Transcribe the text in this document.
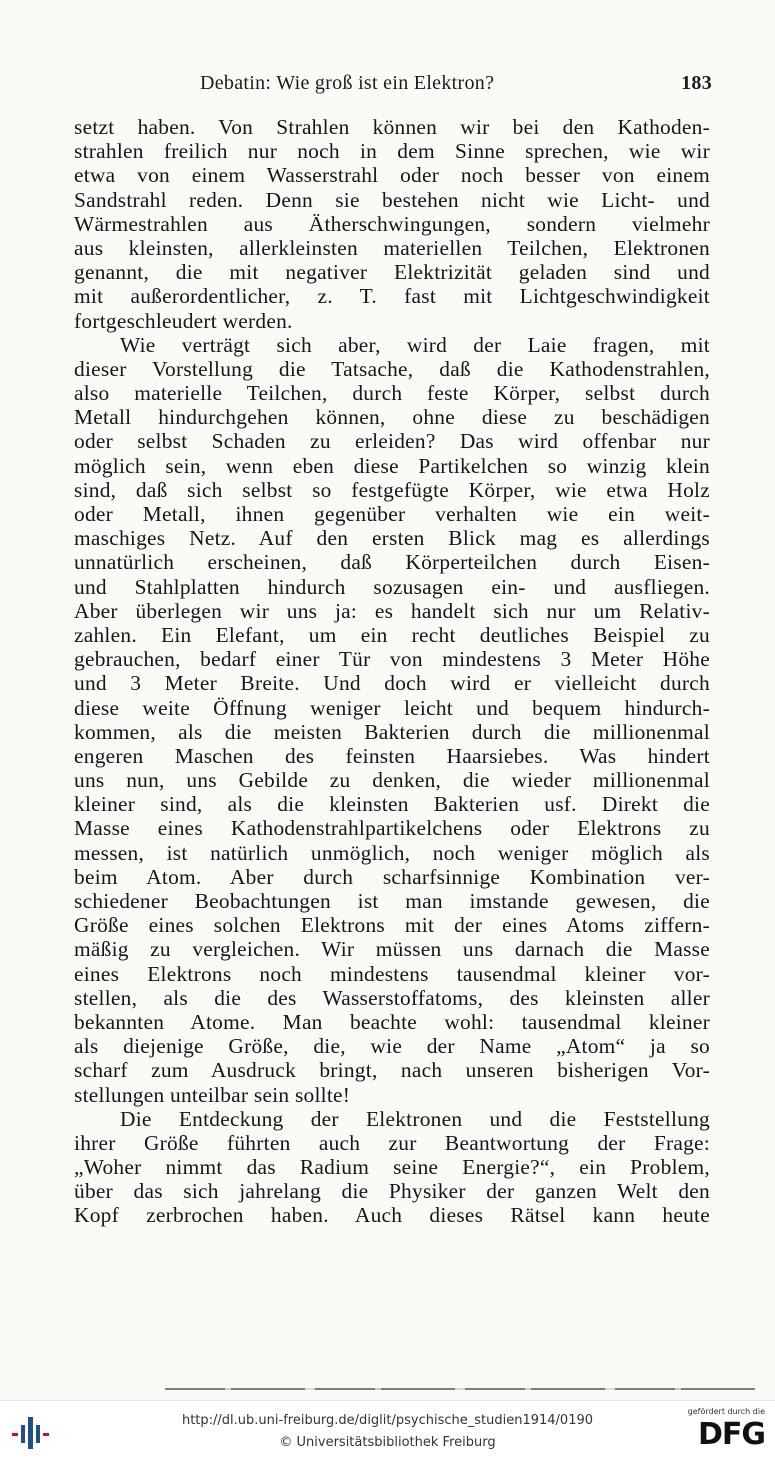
Debatin: Wie groß ist ein Elektron?	183
setzt haben. Von Strahlen können wir bei den Kathoden-
strahlen freilich nur noch in dem Sinne sprechen, wie wir
etwa von einem Wasserstrahl oder noch besser von einem
Sandstrahl reden. Denn sie bestehen nicht wie Licht- und
Wärmestrahlen aus Ätherschwingungen, sondern vielmehr
aus kleinsten, allerkleinsten materiellen Teilchen, Elektronen
genannt, die mit negativer Elektrizität geladen sind und
mit außerordentlicher, z. T. fast mit Lichtgeschwindigkeit
fortgeschleudert werden.
Wie verträgt sich aber, wird der Laie fragen, mit
dieser Vorstellung die Tatsache, daß die Kathodenstrahlen,
also materielle Teilchen, durch feste Körper, selbst durch
Metall hindurchgehen können, ohne diese zu beschädigen
oder selbst Schaden zu erleiden? Das wird offenbar nur
möglich sein, wenn eben diese Partikelchen so winzig klein
sind, daß sich selbst so festgefügte Körper, wie etwa Holz
oder Metall, ihnen gegenüber verhalten wie ein weit-
maschiges Netz. Auf den ersten Blick mag es allerdings
unnatürlich erscheinen, daß Körperteilchen durch Eisen-
und Stahlplatten hindurch sozusagen ein- und ausfliegen.
Aber überlegen wir uns ja: es handelt sich nur um Relativ-
zahlen. Ein Elefant, um ein recht deutliches Beispiel zu
gebrauchen, bedarf einer Tür von mindestens 3 Meter Höhe
und 3 Meter Breite. Und doch wird er vielleicht durch
diese weite Öffnung weniger leicht und bequem hindurch-
kommen, als die meisten Bakterien durch die millionenmal
engeren Maschen des feinsten Haarsiebes. Was hindert
uns nun, uns Gebilde zu denken, die wieder millionenmal
kleiner sind, als die kleinsten Bakterien usf. Direkt die
Masse eines Kathodenstrahlpartikelchens oder Elektrons zu
messen, ist natürlich unmöglich, noch weniger möglich als
beim Atom. Aber durch scharfsinnige Kombination ver-
schiedener Beobachtungen ist man imstande gewesen, die
Größe eines solchen Elektrons mit der eines Atoms ziffern-
mäßig zu vergleichen. Wir müssen uns darnach die Masse
eines Elektrons noch mindestens tausendmal kleiner vor-
stellen, als die des Wasserstoffatoms, des kleinsten aller
bekannten Atome. Man beachte wohl: tausendmal kleiner
als diejenige Größe, die, wie der Name „Atom“ ja so
scharf zum Ausdruck bringt, nach unseren bisherigen Vor-
stellungen unteilbar sein sollte!
Die Entdeckung der Elektronen und die Feststellung
ihrer Größe führten auch zur Beantwortung der Frage:
„Woher nimmt das Radium seine Energie?“, ein Problem,
über das sich jahrelang die Physiker der ganzen Welt den
Kopf zerbrochen haben. Auch dieses Rätsel kann heute
http://dl.ub.uni-freiburg.de/diglit/psychische_studien1914/0190
© Universitätsbibliothek Freiburg
gefördert durch die
DFG
